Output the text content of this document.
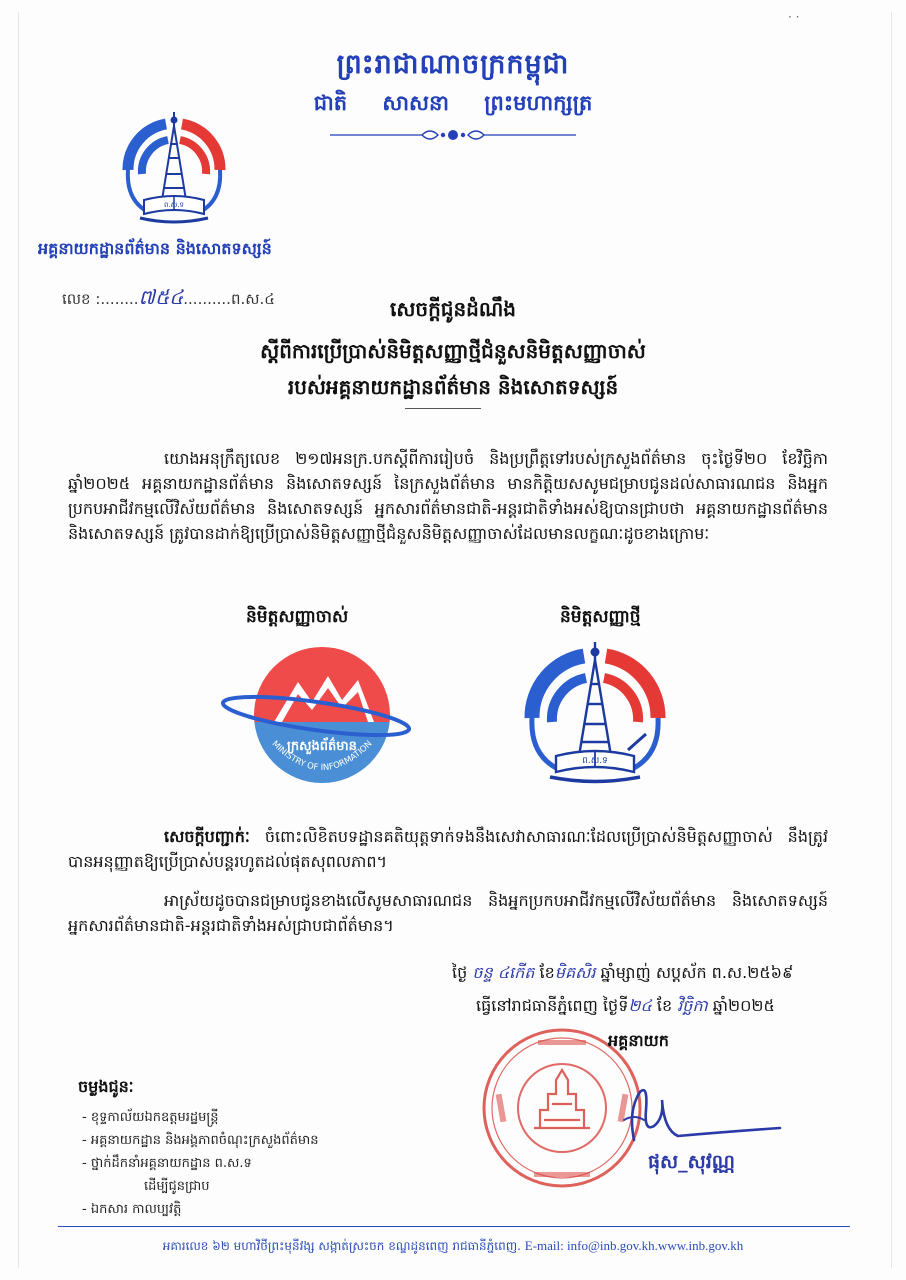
· ·
ព្រះរាជាណាចក្រកម្ពុជា
ជាតិ សាសនា ព្រះមហាក្សត្រ
ព.ស.ទ
អគ្គនាយកដ្ឋានព័ត៌មាន និងសោតទស្សន៍
លេខ :........៧៥៤..........ព.ស.៤	សេចក្តីជូនដំណឹង
ស្តីពីការប្រើប្រាស់និមិត្តសញ្ញាថ្មីជំនួសនិមិត្តសញ្ញាចាស់
របស់អគ្គនាយកដ្ឋានព័ត៌មាន និងសោតទស្សន៍
យោងអនុក្រឹត្យលេខ ២១៧អនក្រ.បក​ស្តីពីការរៀបចំ និងប្រព្រឹត្តទៅរបស់ក្រសួងព័ត៌មាន ចុះថ្ងៃទី២០ ខែវិច្ឆិកា ឆ្នាំ២០២៥ អគ្គនាយកដ្ឋានព័ត៌មាន និងសោតទស្សន៍ នៃក្រសួងព័ត៌មាន មានកិត្តិយសសូមជម្រាបជូនដល់សាធារណជន និងអ្នកប្រកបអាជីវកម្មលើវិស័យព័ត៌មាន និងសោតទស្សន៍ អ្នកសារព័ត៌មានជាតិ-អន្តរជាតិទាំងអស់ឱ្យបានជ្រាបថា អគ្គនាយកដ្ឋានព័ត៌មាន និងសោតទស្សន៍ ត្រូវបានដាក់ឱ្យប្រើប្រាស់និមិត្តសញ្ញាថ្មីជំនួសនិមិត្តសញ្ញាចាស់ដែលមានលក្ខណៈដូចខាងក្រោមៈ
និមិត្តសញ្ញាចាស់	និមិត្តសញ្ញាថ្មី
ក្រសួងព័ត៌មាន
MINISTRY OF INFORMATION
ព.ស.ទ
សេចក្តីបញ្ជាក់ៈ ចំពោះលិខិតបទដ្ឋានគតិយុត្តទាក់ទងនឹងសេវាសាធារណៈដែលប្រើប្រាស់និមិត្តសញ្ញាចាស់ នឹងត្រូវបានអនុញ្ញាតឱ្យប្រើប្រាស់បន្តរហូតដល់ផុតសុពលភាព។
អាស្រ័យដូចបានជម្រាបជូនខាងលើសូមសាធារណជន និងអ្នកប្រកបអាជីវកម្មលើវិស័យព័ត៌មាន និងសោតទស្សន៍ អ្នកសារព័ត៌មានជាតិ-អន្តរជាតិទាំងអស់ជ្រាបជាព័ត៌មាន។
ថ្ងៃ ចន្ទ ៤កើត ខែមិគសិរ ឆ្នាំម្សាញ់ សប្តស័ក ព.ស.២៥៦៩
ធ្វើនៅរាជធានីភ្នំពេញ ថ្ងៃទី២៤ ខែ វិច្ឆិកា ឆ្នាំ២០២៥
អគ្គនាយក
ផុស_សុវណ្ណ
ចម្លងជូនៈ
- ខុទ្ទកាល័យឯកឧត្តមរដ្ឋមន្ត្រី
- អគ្គនាយកដ្ឋាន និងអង្គភាពចំណុះក្រសួងព័ត៌មាន
- ថ្នាក់ដឹកនាំអគ្គនាយកដ្ឋាន ព.ស.ទ
ដើម្បីជូនជ្រាប
- ឯកសារ កាលប្បវត្តិ
អគារលេខ ៦២ មហាវិថីព្រះមុនីវង្ស សង្កាត់ស្រះចក ខណ្ឌដូនពេញ រាជធានីភ្នំពេញ. E-mail: info@inb.gov.kh.www.inb.gov.kh
